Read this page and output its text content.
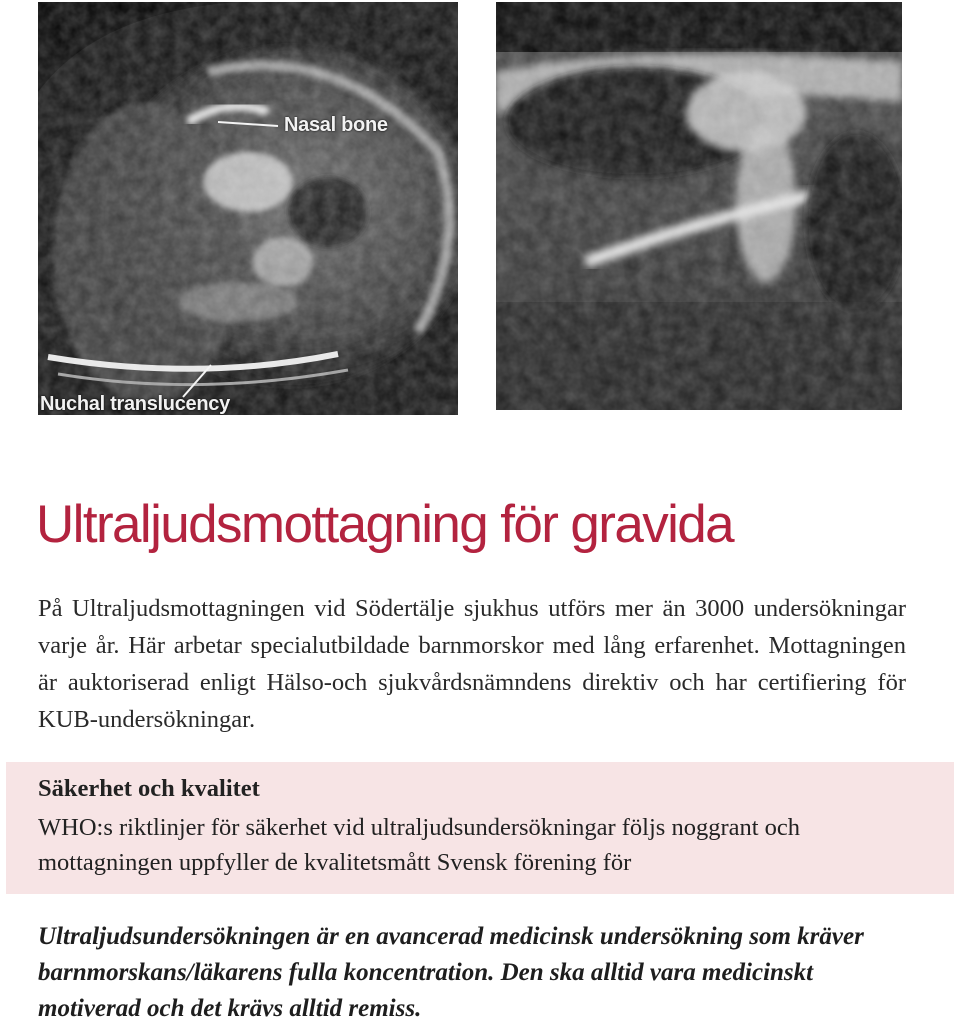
Nasal bone
Nuchal translucency
Ultraljudsmottagning för gravida

På Ultraljudsmottagningen vid Södertälje sjukhus utförs mer än 3000 undersökningar varje år. Här arbetar specialutbildade barnmorskor med lång erfarenhet. Mottagningen är auktoriserad enligt Hälso-och sjukvårdsnämndens direktiv och har certifiering för KUB-undersökningar.

Säkerhet och kvalitet

WHO:s riktlinjer för säkerhet vid ultraljudsundersökningar följs noggrant och mottagningen uppfyller de kvalitetsmått Svensk förening för

Ultraljudsundersökningen är en avancerad medicinsk undersökning som kräver barnmorskans/läkarens fulla koncentration. Den ska alltid vara medicinskt motiverad och det krävs alltid remiss.
